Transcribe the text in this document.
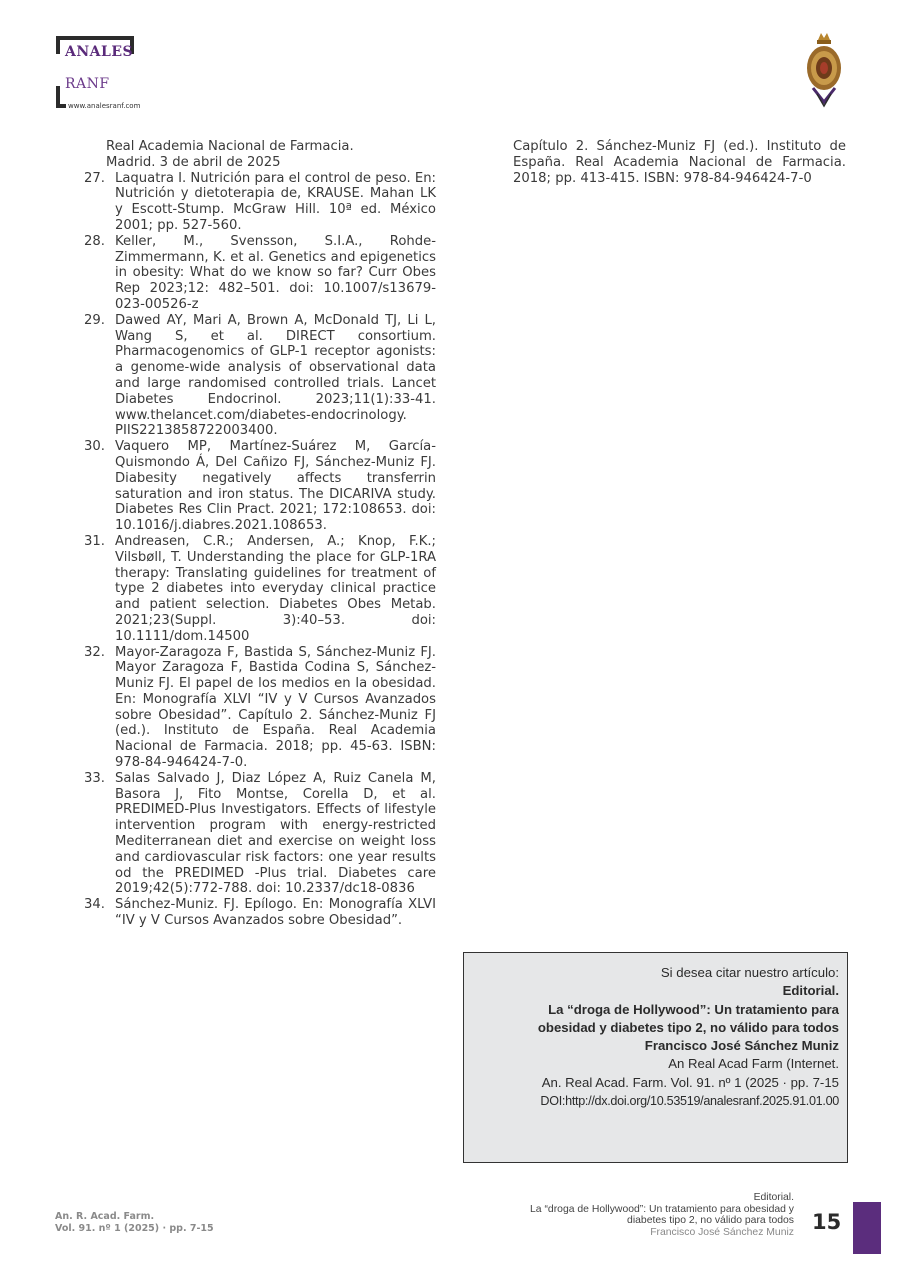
ANALES
RANF
www.analesranf.com
Real Academia Nacional de Farmacia.
Madrid. 3 de abril de 2025
27. Laquatra I. Nutrición para el control de peso. En: Nutrición y dietoterapia de, KRAUSE. Mahan LK y Escott-Stump. McGraw Hill. 10ª ed. México 2001; pp. 527-560.
28. Keller, M., Svensson, S.I.A., Rohde-Zimmermann, K. et al. Genetics and epigenetics in obesity: What do we know so far? Curr Obes Rep 2023;12: 482–501. doi: 10.1007/s13679-023-00526-z
29. Dawed AY, Mari A, Brown A, McDonald TJ, Li L, Wang S, et al. DIRECT consortium. Pharmacogenomics of GLP-1 receptor agonists: a genome-wide analysis of observational data and large randomised controlled trials. Lancet Diabetes Endocrinol. 2023;11(1):33-41. www.thelancet.com/diabetes-endocrinology. PIIS2213858722003400.
30. Vaquero MP, Martínez-Suárez M, García-Quismondo Á, Del Cañizo FJ, Sánchez-Muniz FJ. Diabesity negatively affects transferrin saturation and iron status. The DICARIVA study. Diabetes Res Clin Pract. 2021; 172:108653. doi: 10.1016/j.diabres.2021.108653.
31. Andreasen, C.R.; Andersen, A.; Knop, F.K.; Vilsbøll, T. Understanding the place for GLP-1RA therapy: Translating guidelines for treatment of type 2 diabetes into everyday clinical practice and patient selection. Diabetes Obes Metab. 2021;23(Suppl. 3):40–53. doi: 10.1111/dom.14500
32. Mayor-Zaragoza F, Bastida S, Sánchez-Muniz FJ. Mayor Zaragoza F, Bastida Codina S, Sánchez-Muniz FJ. El papel de los medios en la obesidad. En: Monografía XLVI “IV y V Cursos Avanzados sobre Obesidad”. Capítulo 2. Sánchez-Muniz FJ (ed.). Instituto de España. Real Academia Nacional de Farmacia. 2018; pp. 45-63. ISBN: 978-84-946424-7-0.
33. Salas Salvado J, Diaz López A, Ruiz Canela M, Basora J, Fito Montse, Corella D, et al. PREDIMED-Plus Investigators. Effects of lifestyle intervention program with energy-restricted Mediterranean diet and exercise on weight loss and cardiovascular risk factors: one year results od the PREDIMED -Plus trial. Diabetes care 2019;42(5):772-788. doi: 10.2337/dc18-0836
34. Sánchez-Muniz. FJ. Epílogo. En: Monografía XLVI “IV y V Cursos Avanzados sobre Obesidad”.
Capítulo 2. Sánchez-Muniz FJ (ed.). Instituto de España. Real Academia Nacional de Farmacia. 2018; pp. 413-415. ISBN: 978-84-946424-7-0
Si desea citar nuestro artículo:
Editorial.
La “droga de Hollywood”: Un tratamiento para
obesidad y diabetes tipo 2, no válido para todos
Francisco José Sánchez Muniz
An Real Acad Farm (Internet.
An. Real Acad. Farm. Vol. 91. nº 1 (2025 · pp. 7-15
DOI:http://dx.doi.org/10.53519/analesranf.2025.91.01.00
An. R. Acad. Farm.
Vol. 91. nº 1 (2025) · pp. 7-15
Editorial.
La “droga de Hollywood”: Un tratamiento para obesidad y
diabetes tipo 2, no válido para todos
Francisco José Sánchez Muniz 15
